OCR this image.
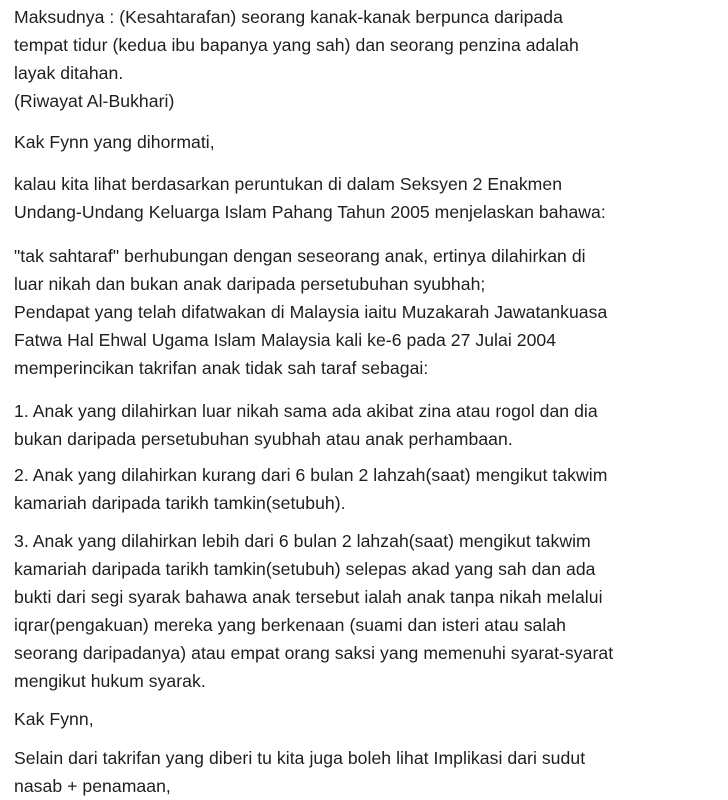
Maksudnya : (Kesahtarafan) seorang kanak-kanak berpunca daripada
tempat tidur (kedua ibu bapanya yang sah) dan seorang penzina adalah
layak ditahan.
(Riwayat Al-Bukhari)

Kak Fynn yang dihormati,

kalau kita lihat berdasarkan peruntukan di dalam Seksyen 2 Enakmen
Undang-Undang Keluarga Islam Pahang Tahun 2005 menjelaskan bahawa:

"tak sahtaraf" berhubungan dengan seseorang anak, ertinya dilahirkan di
luar nikah dan bukan anak daripada persetubuhan syubhah;

Pendapat yang telah difatwakan di Malaysia iaitu Muzakarah Jawatankuasa
Fatwa Hal Ehwal Ugama Islam Malaysia kali ke-6 pada 27 Julai 2004
memperincikan takrifan anak tidak sah taraf sebagai:

1. Anak yang dilahirkan luar nikah sama ada akibat zina atau rogol dan dia
bukan daripada persetubuhan syubhah atau anak perhambaan.

2. Anak yang dilahirkan kurang dari 6 bulan 2 lahzah(saat) mengikut takwim
kamariah daripada tarikh tamkin(setubuh).

3. Anak yang dilahirkan lebih dari 6 bulan 2 lahzah(saat) mengikut takwim
kamariah daripada tarikh tamkin(setubuh) selepas akad yang sah dan ada
bukti dari segi syarak bahawa anak tersebut ialah anak tanpa nikah melalui
iqrar(pengakuan) mereka yang berkenaan (suami dan isteri atau salah
seorang daripadanya) atau empat orang saksi yang memenuhi syarat-syarat
mengikut hukum syarak.

Kak Fynn,

Selain dari takrifan yang diberi tu kita juga boleh lihat Implikasi dari sudut
nasab + penamaan,
